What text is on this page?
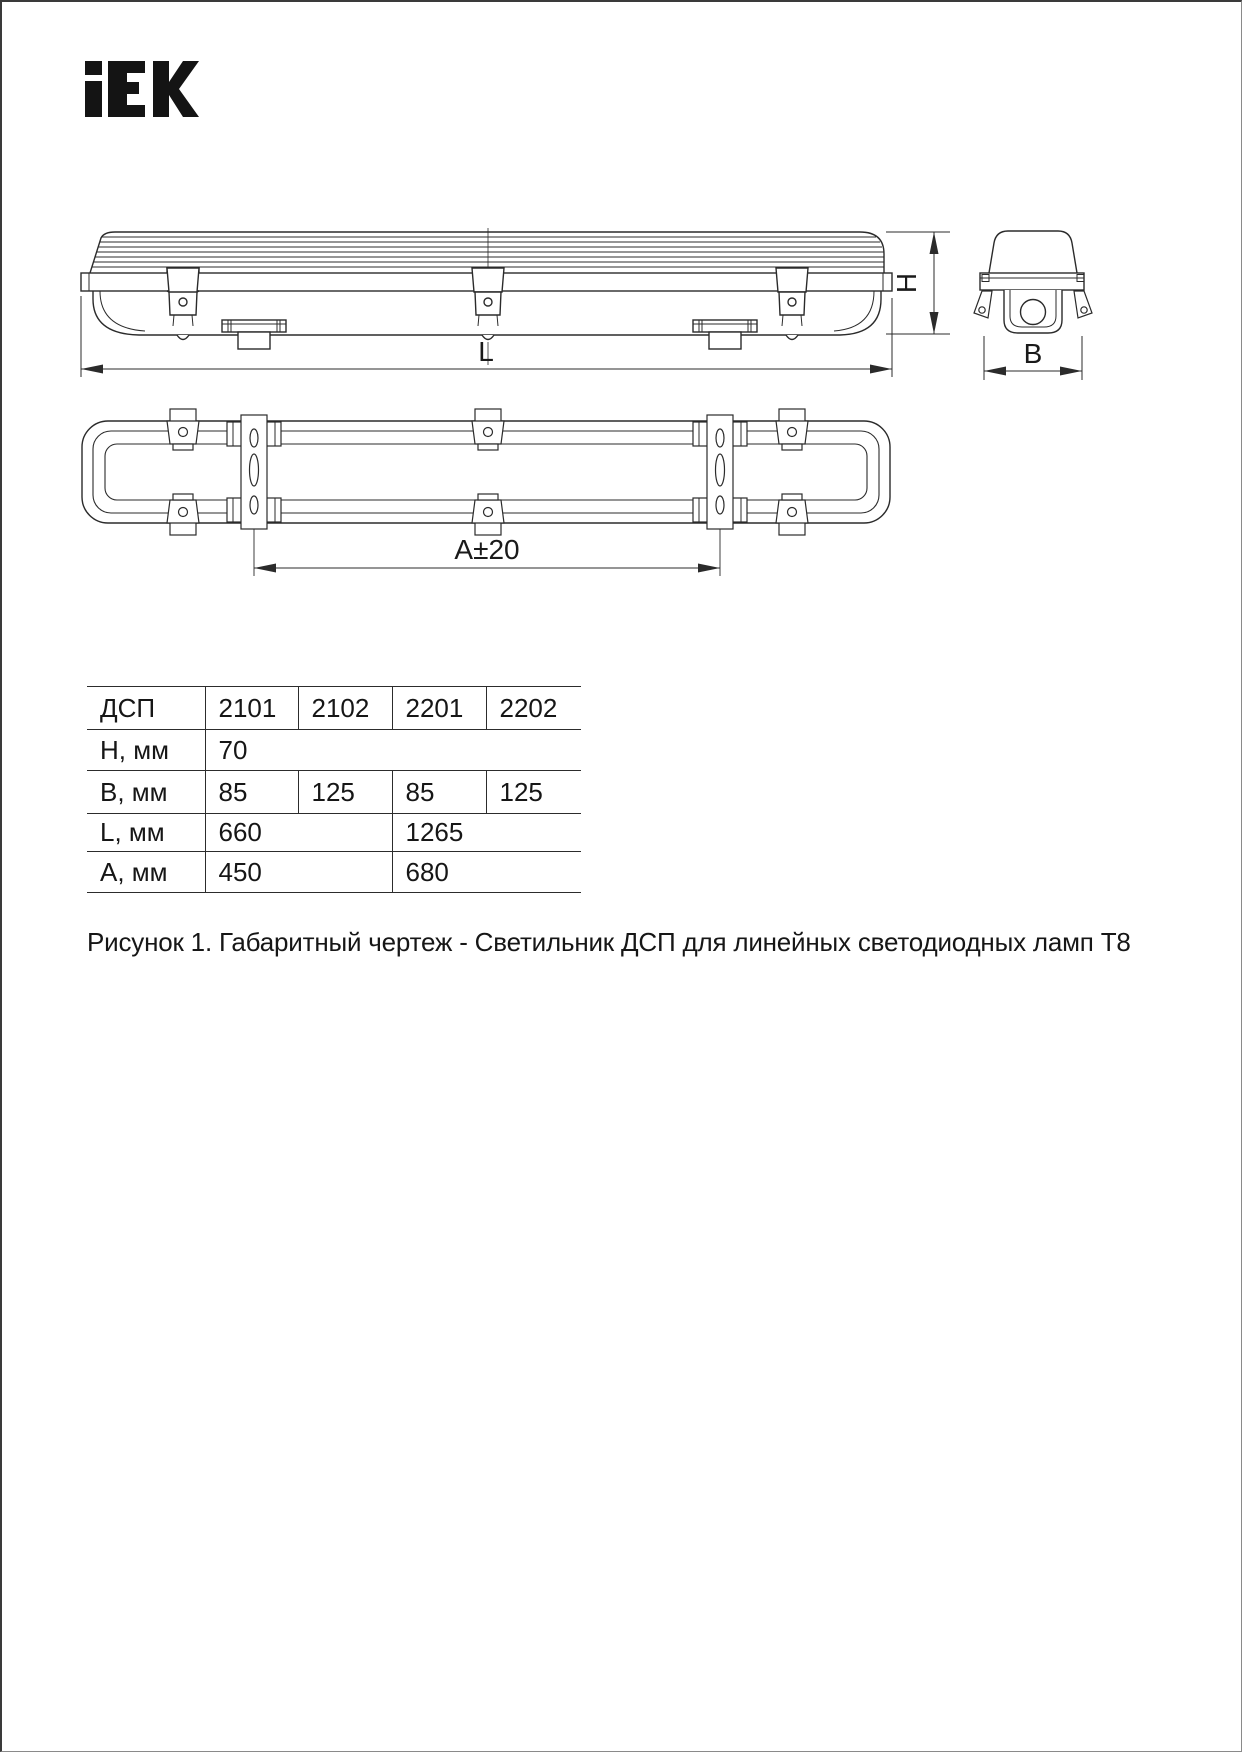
L
H
B
A±20
ДСП	2101	2102	2201	2202
H, мм	70			
B, мм	85	125	85	125
L, мм	660		1265	
A, мм	450		680	
Рисунок 1. Габаритный чертеж - Светильник ДСП для линейных светодиодных ламп Т8
